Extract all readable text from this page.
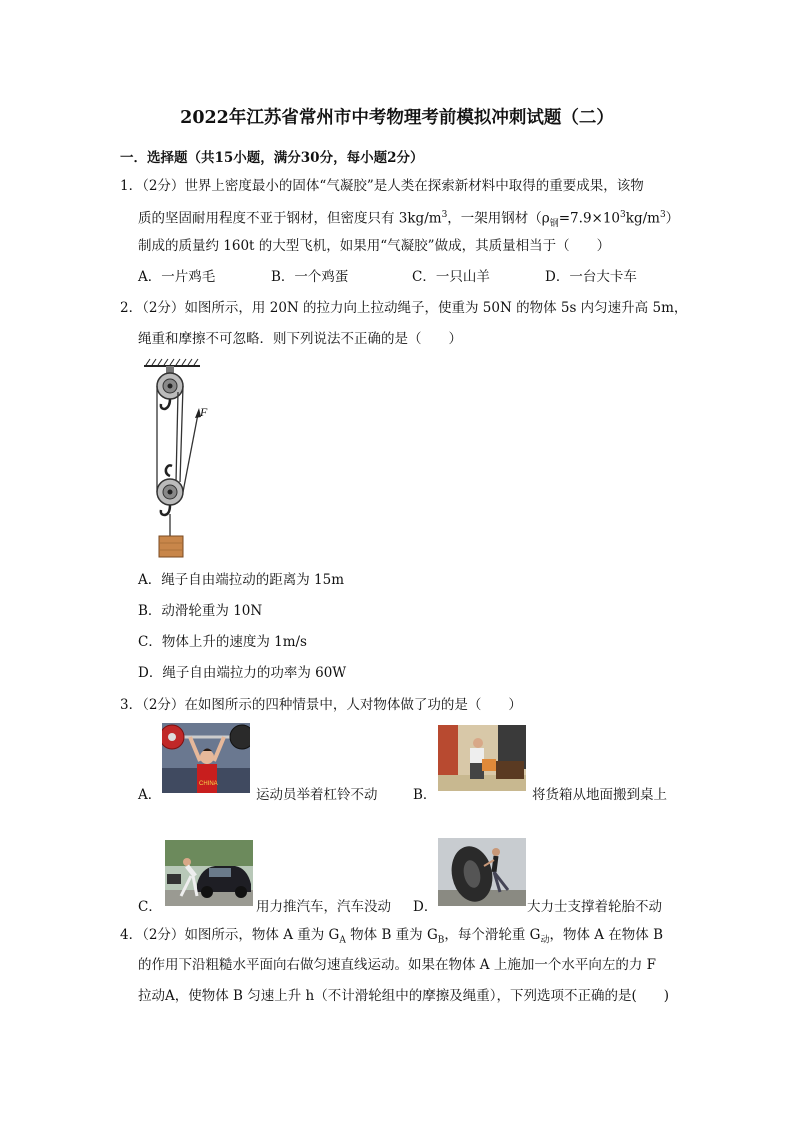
2022年江苏省常州市中考物理考前模拟冲刺试题（二）
一．选择题（共15小题，满分30分，每小题2分）
1．（2分）世界上密度最小的固体“气凝胶”是人类在探索新材料中取得的重要成果，该物
质的坚固耐用程度不亚于钢材，但密度只有 $3kg/m^3$，一架用钢材$(\rho_钢=7.9\times 10^3kg/m^3)$
制成的质量约 160t 的大型飞机，如果用“气凝胶”做成，其质量相当于（　　）
A．一片鸡毛	B．一个鸡蛋	C．一只山羊	D．一台大卡车
2．（2分）如图所示，用 20N 的拉力向上拉动绳子，使重为 50N 的物体 5s 内匀速升高 5m，
绳重和摩擦不可忽略．则下列说法不正确的是（　　）
F
A．绳子自由端拉动的距离为 15m
B．动滑轮重为 10N
C．物体上升的速度为 1m/s
D．绳子自由端拉力的功率为 60W
3．（2分）在如图所示的四种情景中，人对物体做了功的是（　　）
CHINA
A．	运动员举着杠铃不动	B．	将货箱从地面搬到桌上
C．	用力推汽车，汽车没动 D．	大力士支撑着轮胎不动
4．（2分）如图所示，物体 A 重为 $G_A$ 物体 B 重为 $G_B$，每个滑轮重 $G_动$，物体 A 在物体 B
的作用下沿粗糙水平面向右做匀速直线运动。如果在物体 A 上施加一个水平向左的力 F
拉动A，使物体 B 匀速上升 h（不计滑轮组中的摩擦及绳重），下列选项不正确的是(　　)
